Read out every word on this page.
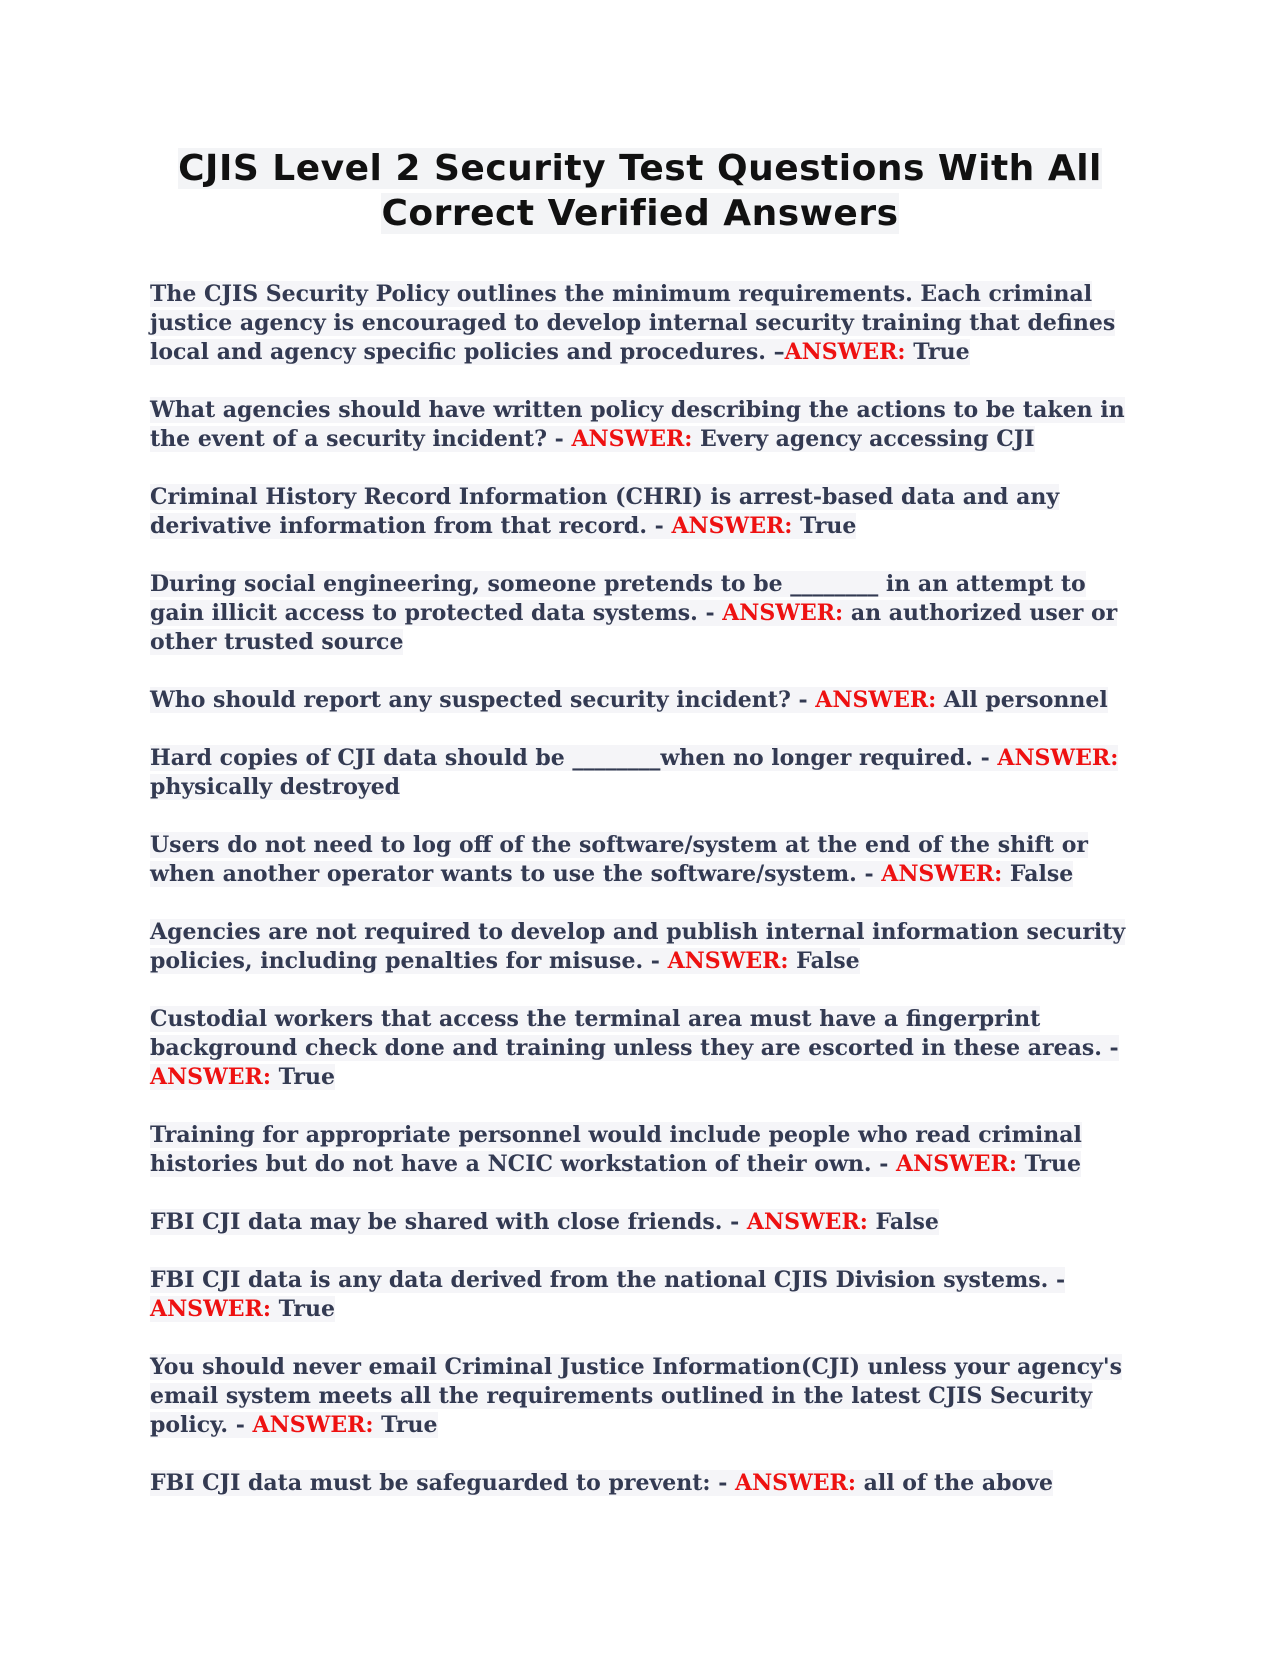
CJIS Level 2 Security Test Questions With All
Correct Verified Answers

The CJIS Security Policy outlines the minimum requirements. Each criminal justice agency is encouraged to develop internal security training that defines local and agency specific policies and procedures. –ANSWER: True

What agencies should have written policy describing the actions to be taken in the event of a security incident? - ANSWER: Every agency accessing CJI

Criminal History Record Information (CHRI) is arrest-based data and any derivative information from that record. - ANSWER: True

During social engineering, someone pretends to be ________ in an attempt to gain illicit access to protected data systems. - ANSWER: an authorized user or other trusted source

Who should report any suspected security incident? - ANSWER: All personnel

Hard copies of CJI data should be ________when no longer required. - ANSWER: physically destroyed

Users do not need to log off of the software/system at the end of the shift or when another operator wants to use the software/system. - ANSWER: False

Agencies are not required to develop and publish internal information security policies, including penalties for misuse. - ANSWER: False

Custodial workers that access the terminal area must have a fingerprint background check done and training unless they are escorted in these areas. - ANSWER: True

Training for appropriate personnel would include people who read criminal histories but do not have a NCIC workstation of their own. - ANSWER: True

FBI CJI data may be shared with close friends. - ANSWER: False

FBI CJI data is any data derived from the national CJIS Division systems. - ANSWER: True

You should never email Criminal Justice Information(CJI) unless your agency's email system meets all the requirements outlined in the latest CJIS Security policy. - ANSWER: True

FBI CJI data must be safeguarded to prevent: - ANSWER: all of the above
